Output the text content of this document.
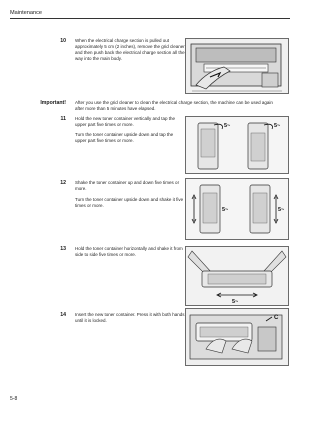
Maintenance
10 When the electrical charge section is pulled out approximately 5 cm (2 inches), remove the grid cleaner and then push back the electrical charge section all the way into the main body.
Important! After you use the grid cleaner to clean the electrical charge section, the machine can be used again after more than 5 minutes have elapsed.
11 Hold the new toner container vertically and tap the upper part five times or more.
Turn the toner container upside down and tap the upper part five times or more.
5~	5~
12 Shake the toner container up and down five times or more.
Turn the toner container upside down and shake it five times or more.
5~	5~
13 Hold the toner container horizontally and shake it from side to side five times or more.
5~
14 Insert the new toner container. Press it with both hands until it is locked.	C
5-8
